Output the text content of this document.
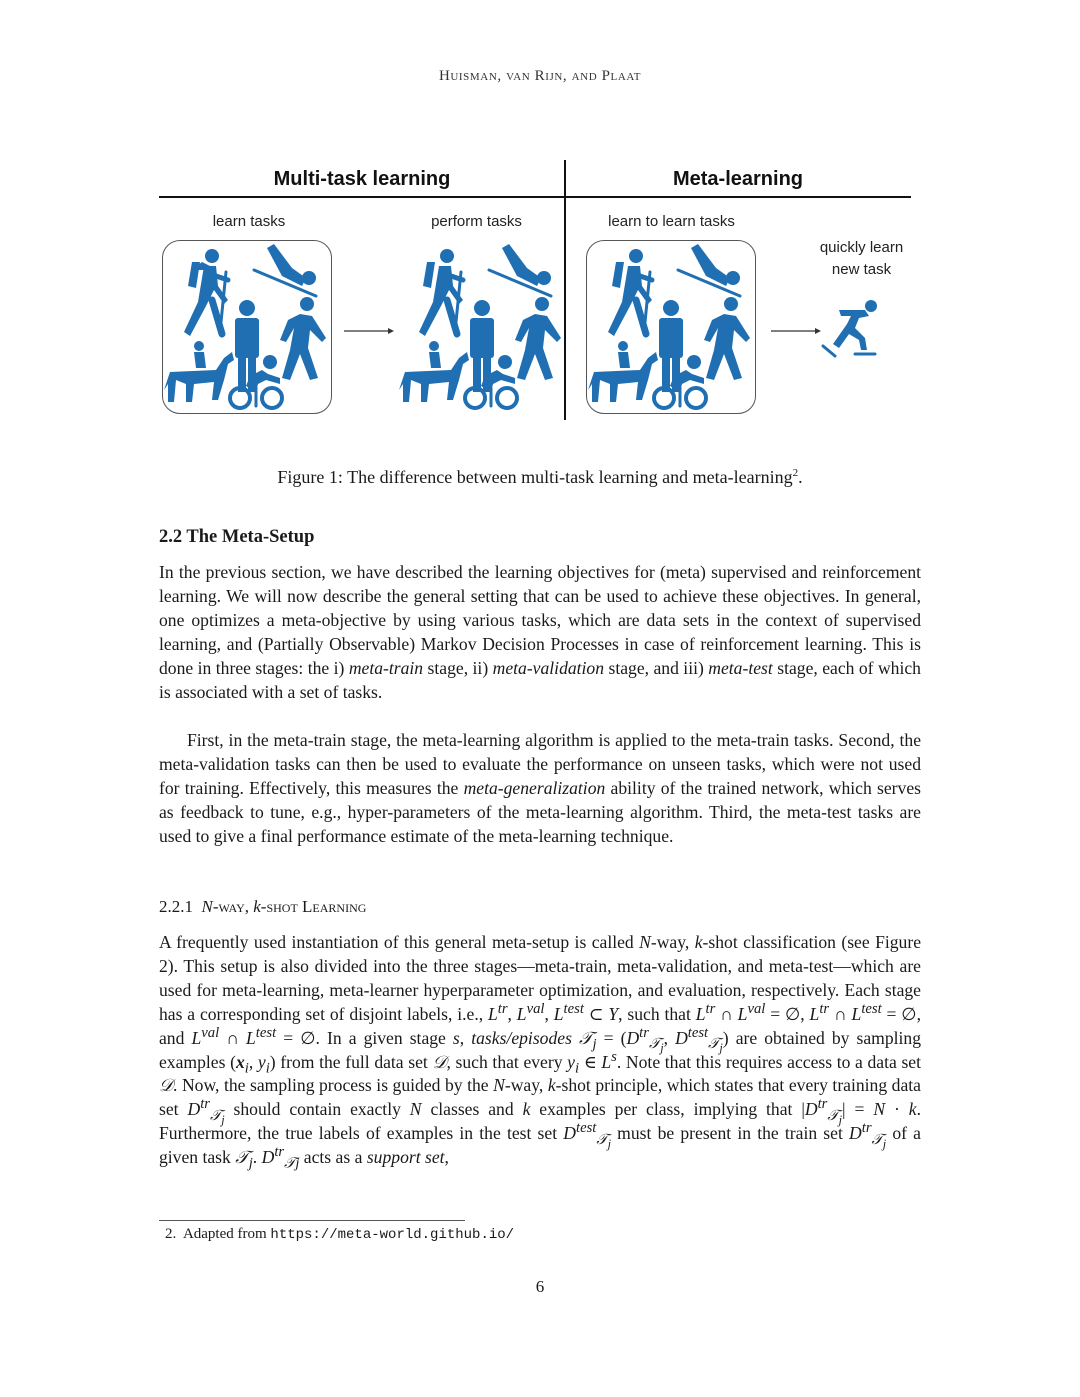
Huisman, van Rijn, and Plaat
Multi-task learning	Meta-learning
learn tasks	perform tasks	learn to learn tasks
quickly learn
new task
Figure 1: The difference between multi-task learning and meta-learning$^2$.
2.2 The Meta-Setup
In the previous section, we have described the learning objectives for (meta) supervised and reinforcement learning. We will now describe the general setting that can be used to achieve these objectives. In general, one optimizes a meta-objective by using various tasks, which are data sets in the context of supervised learning, and (Partially Observable) Markov Decision Processes in case of reinforcement learning. This is done in three stages: the i) meta-train stage, ii) meta-validation stage, and iii) meta-test stage, each of which is associated with a set of tasks.
First, in the meta-train stage, the meta-learning algorithm is applied to the meta-train tasks. Second, the meta-validation tasks can then be used to evaluate the performance on unseen tasks, which were not used for training. Effectively, this measures the meta-generalization ability of the trained network, which serves as feedback to tune, e.g., hyper-parameters of the meta-learning algorithm. Third, the meta-test tasks are used to give a final performance estimate of the meta-learning technique.
2.2.1 N-way, k-shot Learning
A frequently used instantiation of this general meta-setup is called N-way, k-shot classification (see Figure 2). This setup is also divided into the three stages—meta-train, meta-validation, and meta-test—which are used for meta-learning, meta-learner hyperparameter optimization, and evaluation, respectively. Each stage has a corresponding set of disjoint labels, i.e., $L^{tr}$, $L^{val}$, $L^{test}$ ⊂ Y, such that $L^{tr}$ ∩ $L^{val}$ = ∅, $L^{tr}$ ∩ $L^{test}$ = ∅, and $L^{val}$ ∩ $L^{test}$ = ∅. In a given stage s, tasks/episodes 𝒯$_j$ = ($D^{tr}_{𝒯_j}$, $D^{test}_{𝒯_j}$) are obtained by sampling examples ($x_i$, $y_i$) from the full data set 𝒟, such that every $y_i$ ∈ $L^s$. Note that this requires access to a data set 𝒟. Now, the sampling process is guided by the N-way, k-shot principle, which states that every training data set $D^{tr}_{𝒯_j}$ should contain exactly N classes and k examples per class, implying that $|D^{tr}_{𝒯_j}| = N \cdot k$. Furthermore, the true labels of examples in the test set $D^{test}_{𝒯_j}$ must be present in the train set $D^{tr}_{𝒯_j}$ of a given task 𝒯$_j$. $D^{tr}_{𝒯j}$ acts as a support set,
2. Adapted from https://meta-world.github.io/
6
